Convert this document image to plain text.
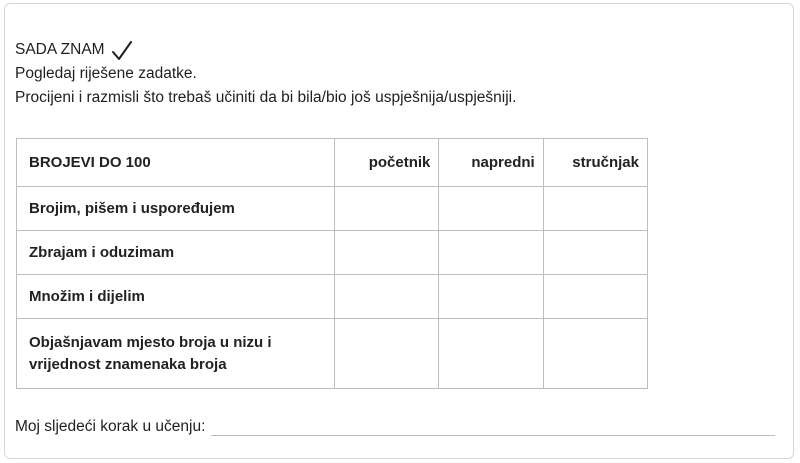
SADA ZNAM
Pogledaj riješene zadatke.
Procijeni i razmisli što trebaš učiniti da bi bila/bio još uspješnija/uspješniji.
BROJEVI DO 100	početnik	napredni	stručnjak
Brojim, pišem i uspoređujem			
Zbrajam i oduzimam			
Množim i dijelim			
Objašnjavam mjesto broja u nizu i vrijednost znamenaka broja			
Moj sljedeći korak u učenju:
